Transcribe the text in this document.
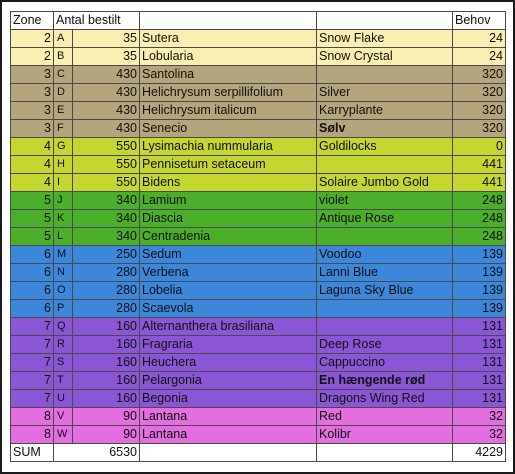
Zone	Antal bestilt				Behov
2	A	35	Sutera	Snow Flake	24
2	B	35	Lobularia	Snow Crystal	24
3	C	430	Santolina		320
3	D	430	Helichrysum serpillifolium	Silver	320
3	E	430	Helichrysum italicum	Karryplante	320
3	F	430	Senecio	Sølv	320
4	G	550	Lysimachia nummularia	Goldilocks	0
4	H	550	Pennisetum setaceum		441
4	I	550	Bidens	Solaire Jumbo Gold	441
5	J	340	Lamium	violet	248
5	K	340	Diascia	Antique Rose	248
5	L	340	Centradenia		248
6	M	250	Sedum	Voodoo	139
6	N	280	Verbena	Lanni Blue	139
6	O	280	Lobelia	Laguna Sky Blue	139
6	P	280	Scaevola		139
7	Q	160	Alternanthera brasiliana		131
7	R	160	Fragraria	Deep Rose	131
7	S	160	Heuchera	Cappuccino	131
7	T	160	Pelargonia	En hængende rød	131
7	U	160	Begonia	Dragons Wing Red	131
8	V	90	Lantana	Red	32
8	W	90	Lantana	Kolibr	32
SUM	6530				4229
